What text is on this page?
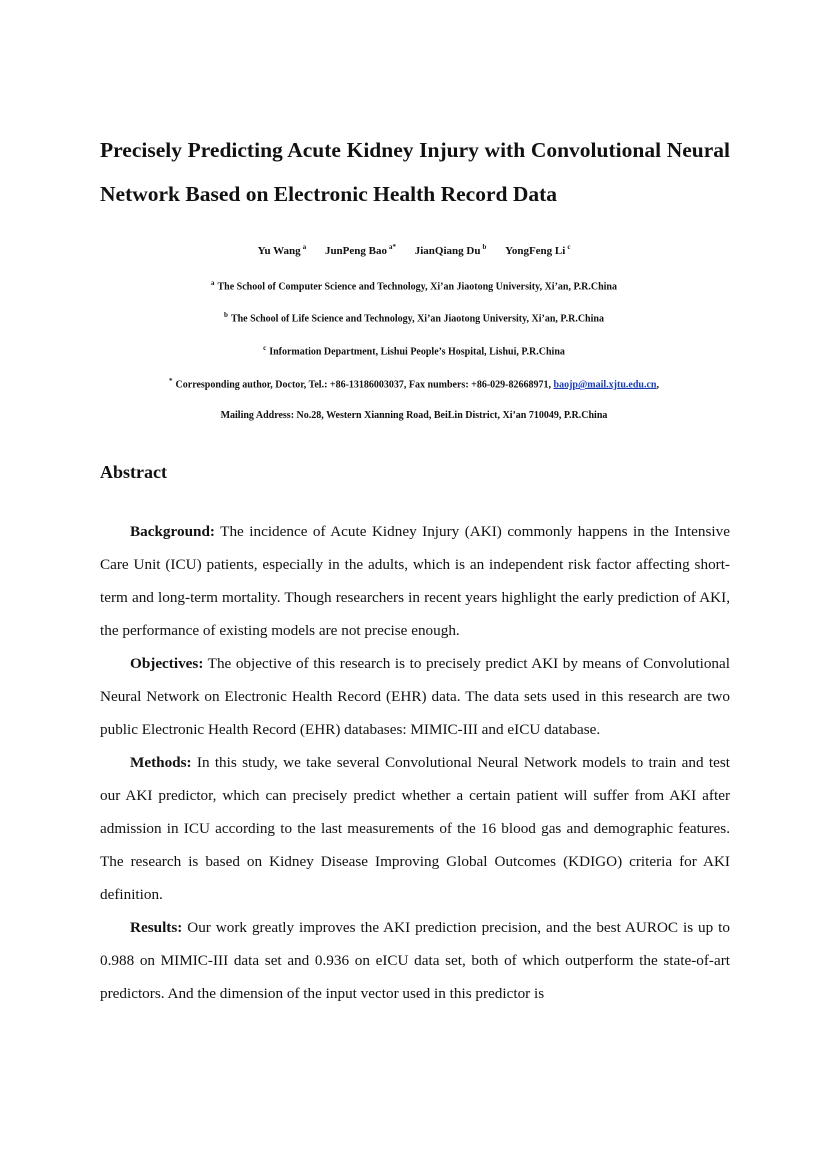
Precisely Predicting Acute Kidney Injury with Convolutional Neural Network Based on Electronic Health Record Data
Yu Wang $^a$ JunPeng Bao $^{a*}$ JianQiang Du $^b$ YongFeng Li $^c$
$^a$ The School of Computer Science and Technology, Xi’an Jiaotong University, Xi’an, P.R.China
$^b$ The School of Life Science and Technology, Xi’an Jiaotong University, Xi’an, P.R.China
$^c$ Information Department, Lishui People’s Hospital, Lishui, P.R.China
* Corresponding author, Doctor, Tel.: +86-13186003037, Fax numbers: +86-029-82668971, baojp@mail.xjtu.edu.cn,
Mailing Address: No.28, Western Xianning Road, BeiLin District, Xi’an 710049, P.R.China
Abstract

Background: The incidence of Acute Kidney Injury (AKI) commonly happens in the Intensive Care Unit (ICU) patients, especially in the adults, which is an independent risk factor affecting short-term and long-term mortality. Though researchers in recent years highlight the early prediction of AKI, the performance of existing models are not precise enough.

Objectives: The objective of this research is to precisely predict AKI by means of Convolutional Neural Network on Electronic Health Record (EHR) data. The data sets used in this research are two public Electronic Health Record (EHR) databases: MIMIC-III and eICU database.

Methods: In this study, we take several Convolutional Neural Network models to train and test our AKI predictor, which can precisely predict whether a certain patient will suffer from AKI after admission in ICU according to the last measurements of the 16 blood gas and demographic features. The research is based on Kidney Disease Improving Global Outcomes (KDIGO) criteria for AKI definition.

Results: Our work greatly improves the AKI prediction precision, and the best AUROC is up to 0.988 on MIMIC-III data set and 0.936 on eICU data set, both of which outperform the state-of-art predictors. And the dimension of the input vector used in this predictor is
